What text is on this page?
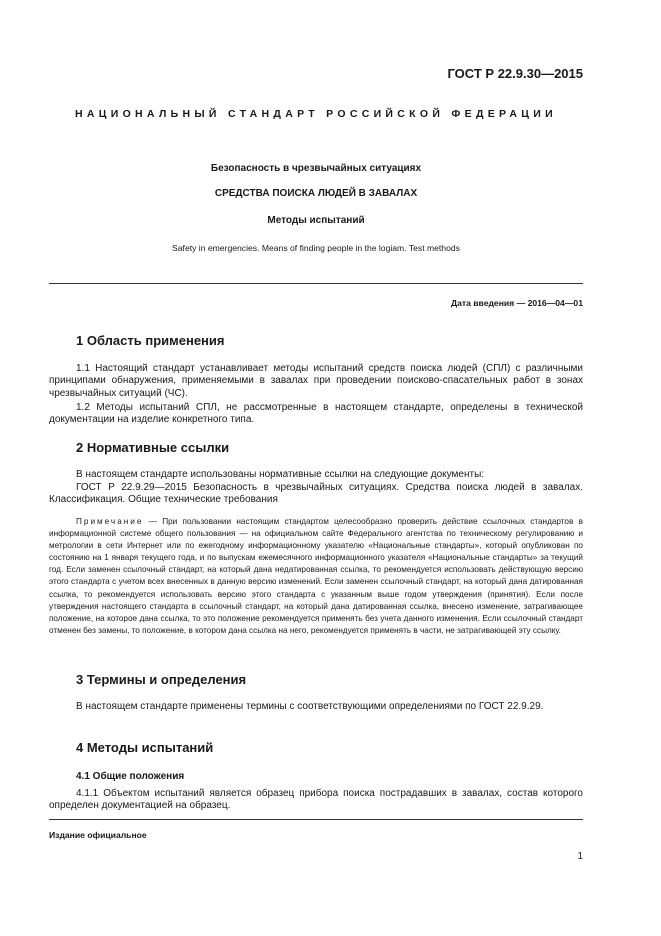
ГОСТ Р 22.9.30—2015
НАЦИОНАЛЬНЫЙ СТАНДАРТ РОССИЙСКОЙ ФЕДЕРАЦИИ
Безопасность в чрезвычайных ситуациях
СРЕДСТВА ПОИСКА ЛЮДЕЙ В ЗАВАЛАХ
Методы испытаний
Safety in emergencies. Means of finding people in the logiam. Test methods
Дата введения — 2016—04—01
1 Область применения
1.1 Настоящий стандарт устанавливает методы испытаний средств поиска людей (СПЛ) с различными принципами обнаружения, применяемыми в завалах при проведении поисково-спасательных работ в зонах чрезвычайных ситуаций (ЧС).
1.2 Методы испытаний СПЛ, не рассмотренные в настоящем стандарте, определены в технической документации на изделие конкретного типа.
2 Нормативные ссылки
В настоящем стандарте использованы нормативные ссылки на следующие документы:
ГОСТ Р 22.9.29—2015 Безопасность в чрезвычайных ситуациях. Средства поиска людей в завалах. Классификация. Общие технические требования
Примечание — При пользовании настоящим стандартом целесообразно проверить действие ссылочных стандартов в информационной системе общего пользования — на официальном сайте Федерального агентства по техническому регулированию и метрологии в сети Интернет или по ежегодному информационному указателю «Национальные стандарты», который опубликован по состоянию на 1 января текущего года, и по выпускам ежемесячного информационного указателя «Национальные стандарты» за текущий год. Если заменен ссылочный стандарт, на который дана недатированная ссылка, то рекомендуется использовать действующую версию этого стандарта с учетом всех внесенных в данную версию изменений. Если заменен ссылочный стандарт, на который дана датированная ссылка, то рекомендуется использовать версию этого стандарта с указанным выше годом утверждения (принятия). Если после утверждения настоящего стандарта в ссылочный стандарт, на который дана датированная ссылка, внесено изменение, затрагивающее положение, на которое дана ссылка, то это положение рекомендуется применять без учета данного изменения. Если ссылочный стандарт отменен без замены, то положение, в котором дана ссылка на него, рекомендуется применять в части, не затрагивающей эту ссылку.
3 Термины и определения
В настоящем стандарте применены термины с соответствующими определениями по ГОСТ 22.9.29.
4 Методы испытаний
4.1 Общие положения
4.1.1 Объектом испытаний является образец прибора поиска пострадавших в завалах, состав которого определен документацией на образец.
Издание официальное
1
